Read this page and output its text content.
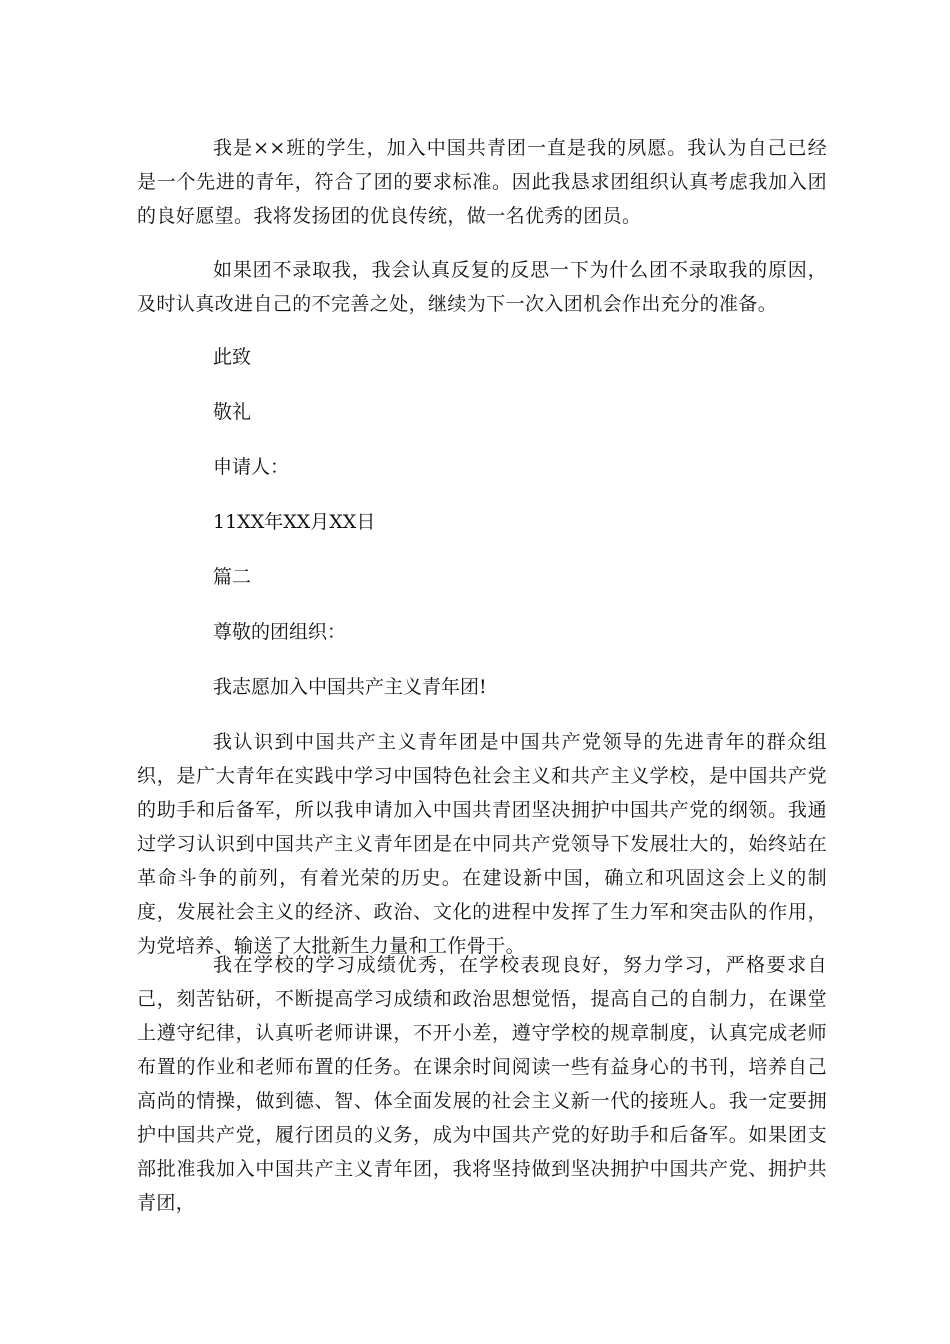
我是××班的学生，加入中国共青团一直是我的夙愿。我认为自己已经是一个先进的青年，符合了团的要求标准。因此我恳求团组织认真考虑我加入团的良好愿望。我将发扬团的优良传统，做一名优秀的团员。

如果团不录取我，我会认真反复的反思一下为什么团不录取我的原因，及时认真改进自己的不完善之处，继续为下一次入团机会作出充分的准备。

此致

敬礼

申请人：

11XX年XX月XX日

篇二

尊敬的团组织：

我志愿加入中国共产主义青年团!

我认识到中国共产主义青年团是中国共产党领导的先进青年的群众组织，是广大青年在实践中学习中国特色社会主义和共产主义学校，是中国共产党的助手和后备军，所以我申请加入中国共青团坚决拥护中国共产党的纲领。我通过学习认识到中国共产主义青年团是在中同共产党领导下发展壮大的，始终站在革命斗争的前列，有着光荣的历史。在建设新中国，确立和巩固这会上义的制度，发展社会主义的经济、政治、文化的进程中发挥了生力军和突击队的作用，为党培养、输送了大批新生力量和工作骨干。

我在学校的学习成绩优秀，在学校表现良好，努力学习，严格要求自己，刻苦钻研，不断提高学习成绩和政治思想觉悟，提高自己的自制力，在课堂上遵守纪律，认真听老师讲课，不开小差，遵守学校的规章制度，认真完成老师布置的作业和老师布置的任务。在课余时间阅读一些有益身心的书刊，培养自己高尚的情操，做到德、智、体全面发展的社会主义新一代的接班人。我一定要拥护中国共产党，履行团员的义务，成为中国共产党的好助手和后备军。如果团支部批准我加入中国共产主义青年团，我将坚持做到坚决拥护中国共产党、拥护共青团，
